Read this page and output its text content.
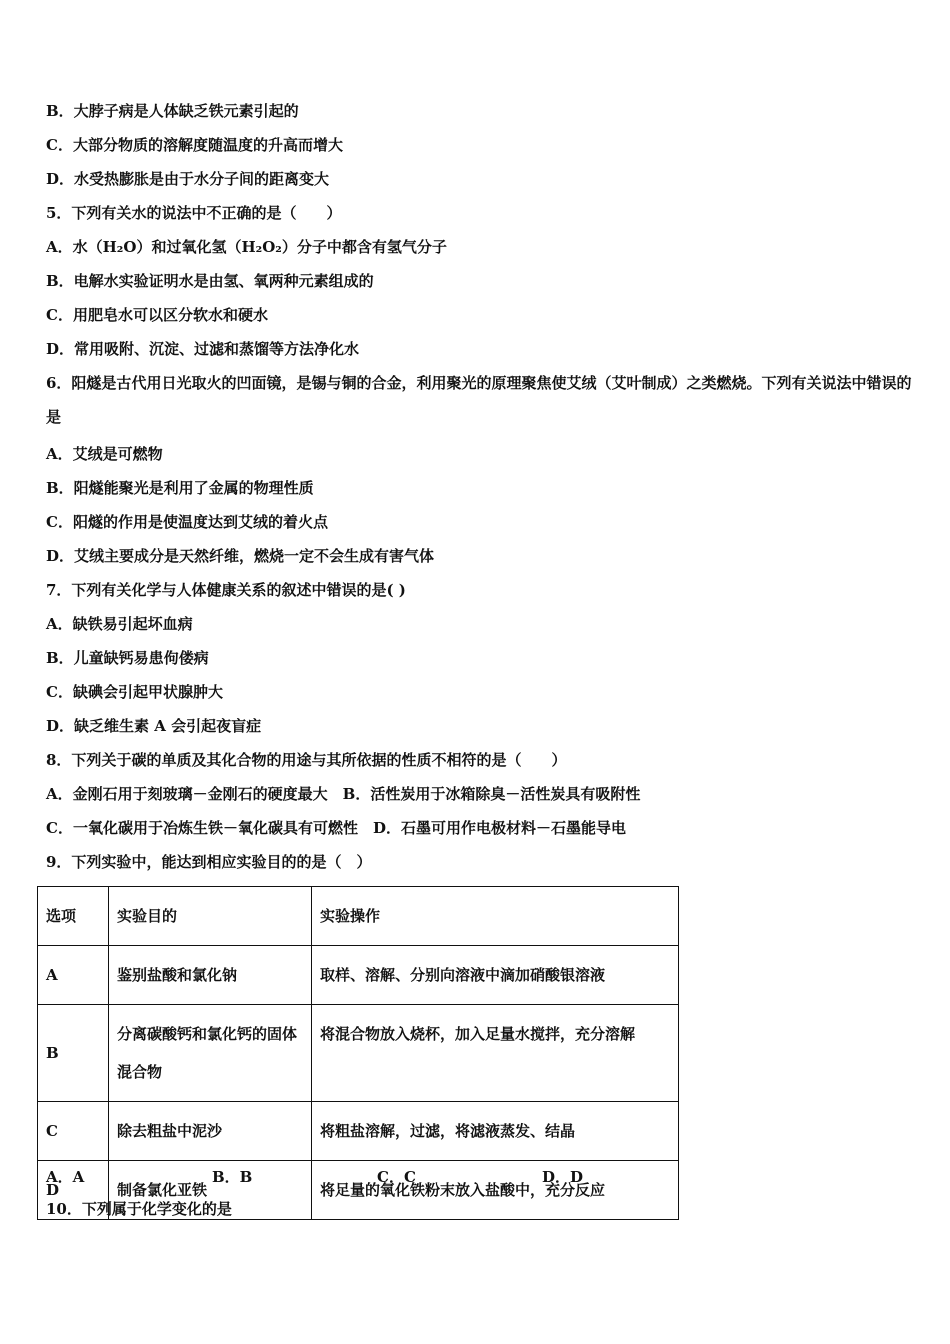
B．大脖子病是人体缺乏铁元素引起的
C．大部分物质的溶解度随温度的升高而增大
D．水受热膨胀是由于水分子间的距离变大
5．下列有关水的说法中不正确的是（　　）
A．水（H₂O）和过氧化氢（H₂O₂）分子中都含有氢气分子
B．电解水实验证明水是由氢、氧两种元素组成的
C．用肥皂水可以区分软水和硬水
D．常用吸附、沉淀、过滤和蒸馏等方法净化水
6．阳燧是古代用日光取火的凹面镜，是锡与铜的合金，利用聚光的原理聚焦使艾绒（艾叶制成）之类燃烧。下列有关说法中错误的是
A．艾绒是可燃物
B．阳燧能聚光是利用了金属的物理性质
C．阳燧的作用是使温度达到艾绒的着火点
D．艾绒主要成分是天然纤维，燃烧一定不会生成有害气体
7．下列有关化学与人体健康关系的叙述中错误的是( )
A．缺铁易引起坏血病
B．儿童缺钙易患佝偻病
C．缺碘会引起甲状腺肿大
D．缺乏维生素 A 会引起夜盲症
8．下列关于碳的单质及其化合物的用途与其所依据的性质不相符的是（　　）
A．金刚石用于刻玻璃－金刚石的硬度最大　B．活性炭用于冰箱除臭－活性炭具有吸附性
C．一氧化碳用于冶炼生铁－氧化碳具有可燃性　D．石墨可用作电极材料－石墨能导电
9．下列实验中，能达到相应实验目的的是（　）
选项	实验目的	实验操作
A	鉴别盐酸和氯化钠	取样、溶解、分别向溶液中滴加硝酸银溶液
B	分离碳酸钙和氯化钙的固体混合物	将混合物放入烧杯，加入足量水搅拌，充分溶解
C	除去粗盐中泥沙	将粗盐溶解，过滤，将滤液蒸发、结晶
D	制备氯化亚铁	将足量的氧化铁粉末放入盐酸中，充分反应
A．A	B．B	C．C	D．D
10．下列属于化学变化的是
